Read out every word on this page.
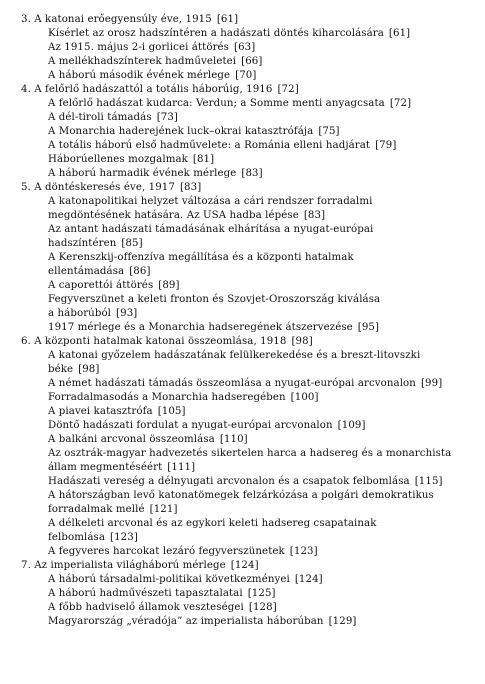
3. A katonai erőegyensúly éve, 1915 [61]
Kísérlet az orosz hadszíntéren a hadászati döntés kiharcolására [61]
Az 1915. május 2-i gorlicei áttörés [63]
A mellékhadszínterek hadműveletei [66]
A háború második évének mérlege [70]
4. A felőrlő hadászattól a totális háborúig, 1916 [72]
A felőrlő hadászat kudarca: Verdun; a Somme menti anyagcsata [72]
A dél-tiroli támadás [73]
A Monarchia haderejének luck–okrai katasztrófája [75]
A totális háború első hadművelete: a Románia elleni hadjárat [79]
Háborúellenes mozgalmak [81]
A háború harmadik évének mérlege [83]
5. A döntéskeresés éve, 1917 [83]
A katonapolitikai helyzet változása a cári rendszer forradalmi
megdöntésének hatására. Az USA hadba lépése [83]
Az antant hadászati támadásának elhárítása a nyugat-európai
hadszíntéren [85]
A Kerenszkij-offenzíva megállítása és a központi hatalmak
ellentámadása [86]
A caporettói áttörés [89]
Fegyverszünet a keleti fronton és Szovjet-Oroszország kiválása
a háborúból [93]
1917 mérlege és a Monarchia hadseregének átszervezése [95]
6. A központi hatalmak katonai összeomlása, 1918 [98]
A katonai győzelem hadászatának felülkerekedése és a breszt-litovszki
béke [98]
A német hadászati támadás összeomlása a nyugat-európai arcvonalon [99]
Forradalmasodás a Monarchia hadseregében [100]
A piavei katasztrófa [105]
Döntő hadászati fordulat a nyugat-európai arcvonalon [109]
A balkáni arcvonal összeomlása [110]
Az osztrák-magyar hadvezetés sikertelen harca a hadsereg és a monarchista
állam megmentéséért [111]
Hadászati vereség a délnyugati arcvonalon és a csapatok felbomlása [115]
A hátországban levő katonatömegek felzárkózása a polgári demokratikus
forradalmak mellé [121]
A délkeleti arcvonal és az egykori keleti hadsereg csapatainak
felbomlása [123]
A fegyveres harcokat lezáró fegyverszünetek [123]
7. Az imperialista világháború mérlege [124]
A háború társadalmi-politikai következményei [124]
A háború hadművészeti tapasztalatai [125]
A főbb hadviselő államok veszteségei [128]
Magyarország „véradója” az imperialista háborúban [129]
